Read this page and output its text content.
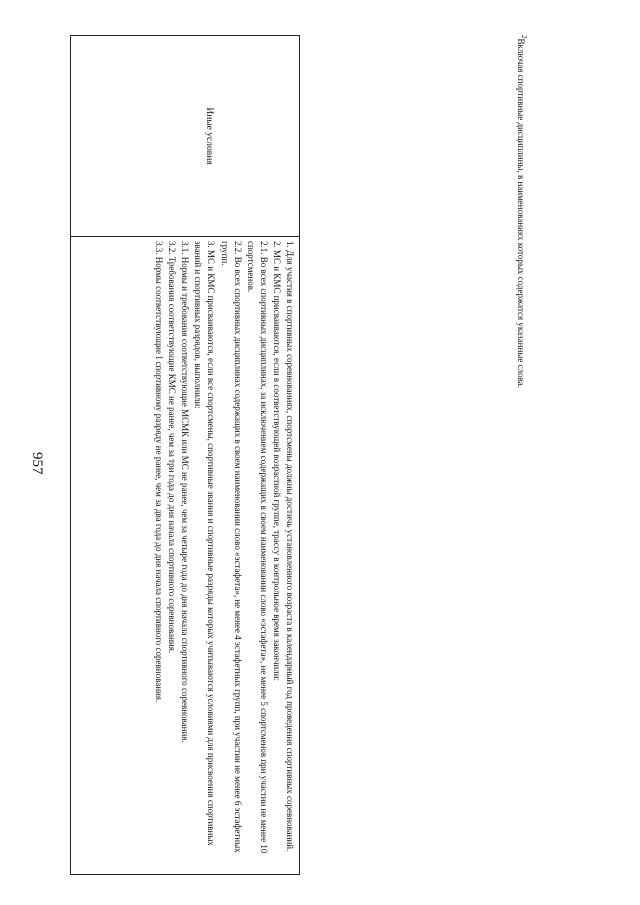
957
Иные условия

1. Для участия в спортивных соревнованиях, спортсмены должны достичь установленного возраста в календарный год проведения спортивных соревнований.

2. МС и КМС присваиваются, если в соответствующей возрастной группе, трассу в контрольное время закончили:

2.1. Во всех спортивных дисциплинах, за исключением содержащих в своем наименовании слово «эстафета», не менее 5 спортсменов при участии не менее 10 спортсменов.

2.2. Во всех спортивных дисциплинах содержащих в своем наименовании слово «эстафета», не менее 4 эстафетных групп, при участии не менее 6 эстафетных групп.

3. МС и КМС присваиваются, если все спортсмены, спортивные звания и спортивные разряды которых учитываются условиями для присвоения спортивных званий и спортивных разрядов, выполнили:

3.1. Нормы и требования соответствующие МСМК или МС не ранее, чем за четыре года до дня начала спортивного соревнования.

3.2. Требования соответствующие КМС не ранее, чем за три года до дня начала спортивного соревнования.

3.3. Нормы соответствующие I спортивному разряду не ранее, чем за два года до дня начала спортивного соревнования.

$^2$Включая спортивные дисциплины, в наименованиях которых содержатся указанные слова.
